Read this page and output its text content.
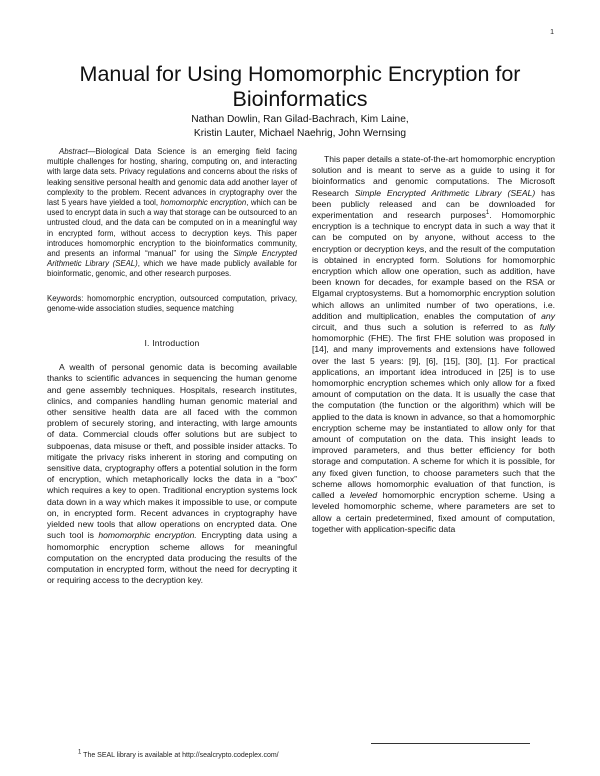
1
Manual for Using Homomorphic Encryption for Bioinformatics
Nathan Dowlin, Ran Gilad-Bachrach, Kim Laine,
Kristin Lauter, Michael Naehrig, John Wernsing

Abstract—Biological Data Science is an emerging field facing multiple challenges for hosting, sharing, computing on, and interacting with large data sets. Privacy regulations and concerns about the risks of leaking sensitive personal health and genomic data add another layer of complexity to the problem. Recent advances in cryptography over the last 5 years have yielded a tool, homomorphic encryption, which can be used to encrypt data in such a way that storage can be outsourced to an untrusted cloud, and the data can be computed on in a meaningful way in encrypted form, without access to decryption keys. This paper introduces homomorphic encryption to the bioinformatics community, and presents an informal “manual” for using the Simple Encrypted Arithmetic Library (SEAL), which we have made publicly available for bioinformatic, genomic, and other research purposes.

Keywords: homomorphic encryption, outsourced computation, privacy, genome-wide association studies, sequence matching

I. Introduction

A wealth of personal genomic data is becoming available thanks to scientific advances in sequencing the human genome and gene assembly techniques. Hospitals, research institutes, clinics, and companies handling human genomic material and other sensitive health data are all faced with the common problem of securely storing, and interacting, with large amounts of data. Commercial clouds offer solutions but are subject to subpoenas, data misuse or theft, and possible insider attacks. To mitigate the privacy risks inherent in storing and computing on sensitive data, cryptography offers a potential solution in the form of encryption, which metaphorically locks the data in a “box” which requires a key to open. Traditional encryption systems lock data down in a way which makes it impossible to use, or compute on, in encrypted form. Recent advances in cryptography have yielded new tools that allow operations on encrypted data. One such tool is homomorphic encryption. Encrypting data using a homomorphic encryption scheme allows for meaningful computation on the encrypted data producing the results of the computation in encrypted form, without the need for decrypting it or requiring access to the decryption key.

This paper details a state-of-the-art homomorphic encryption solution and is meant to serve as a guide to using it for bioinformatics and genomic computations. The Microsoft Research Simple Encrypted Arithmetic Library (SEAL) has been publicly released and can be downloaded for experimentation and research purposes$^1$. Homomorphic encryption is a technique to encrypt data in such a way that it can be computed on by anyone, without access to the encryption or decryption keys, and the result of the computation is obtained in encrypted form. Solutions for homomorphic encryption which allow one operation, such as addition, have been known for decades, for example based on the RSA or Elgamal cryptosystems. But a homomorphic encryption solution which allows an unlimited number of two operations, i.e. addition and multiplication, enables the computation of any circuit, and thus such a solution is referred to as fully homomorphic (FHE). The first FHE solution was proposed in [14], and many improvements and extensions have followed over the last 5 years: [9], [6], [15], [30], [1]. For practical applications, an important idea introduced in [25] is to use homomorphic encryption schemes which only allow for a fixed amount of computation on the data. It is usually the case that the computation (the function or the algorithm) which will be applied to the data is known in advance, so that a homomorphic encryption scheme may be instantiated to allow only for that amount of computation on the data. This insight leads to improved parameters, and thus better efficiency for both storage and computation. A scheme for which it is possible, for any fixed given function, to choose parameters such that the scheme allows homomorphic evaluation of that function, is called a leveled homomorphic encryption scheme. Using a leveled homomorphic scheme, where parameters are set to allow a certain predetermined, fixed amount of computation, together with application-specific data

$^1$ The SEAL library is available at http://sealcrypto.codeplex.com/
